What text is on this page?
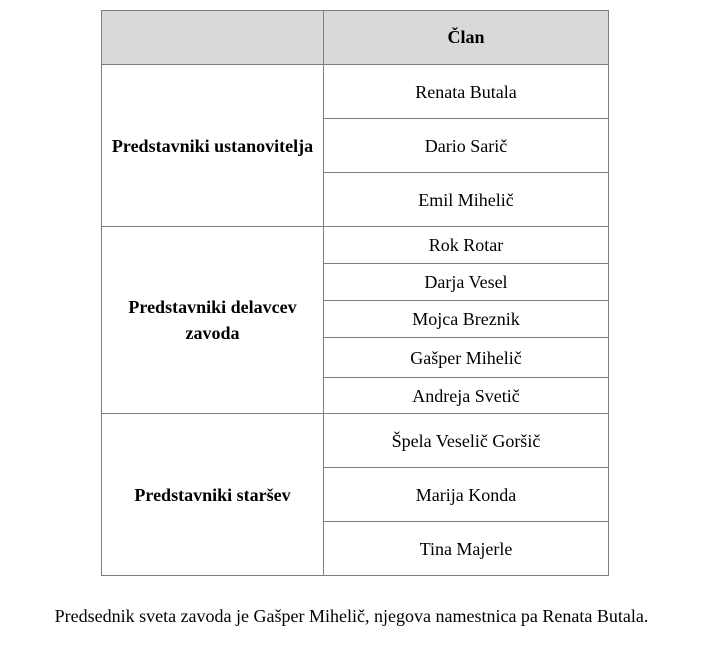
	Član
Predstavniki ustanovitelja	Renata Butala
	Dario Sarič
	Emil Mihelič
Predstavniki delavcev zavoda	Rok Rotar
	Darja Vesel
	Mojca Breznik
	Gašper Mihelič
	Andreja Svetič
Predstavniki staršev	Špela Veselič Goršič
	Marija Konda
	Tina Majerle

Predsednik sveta zavoda je Gašper Mihelič, njegova namestnica pa Renata Butala.
